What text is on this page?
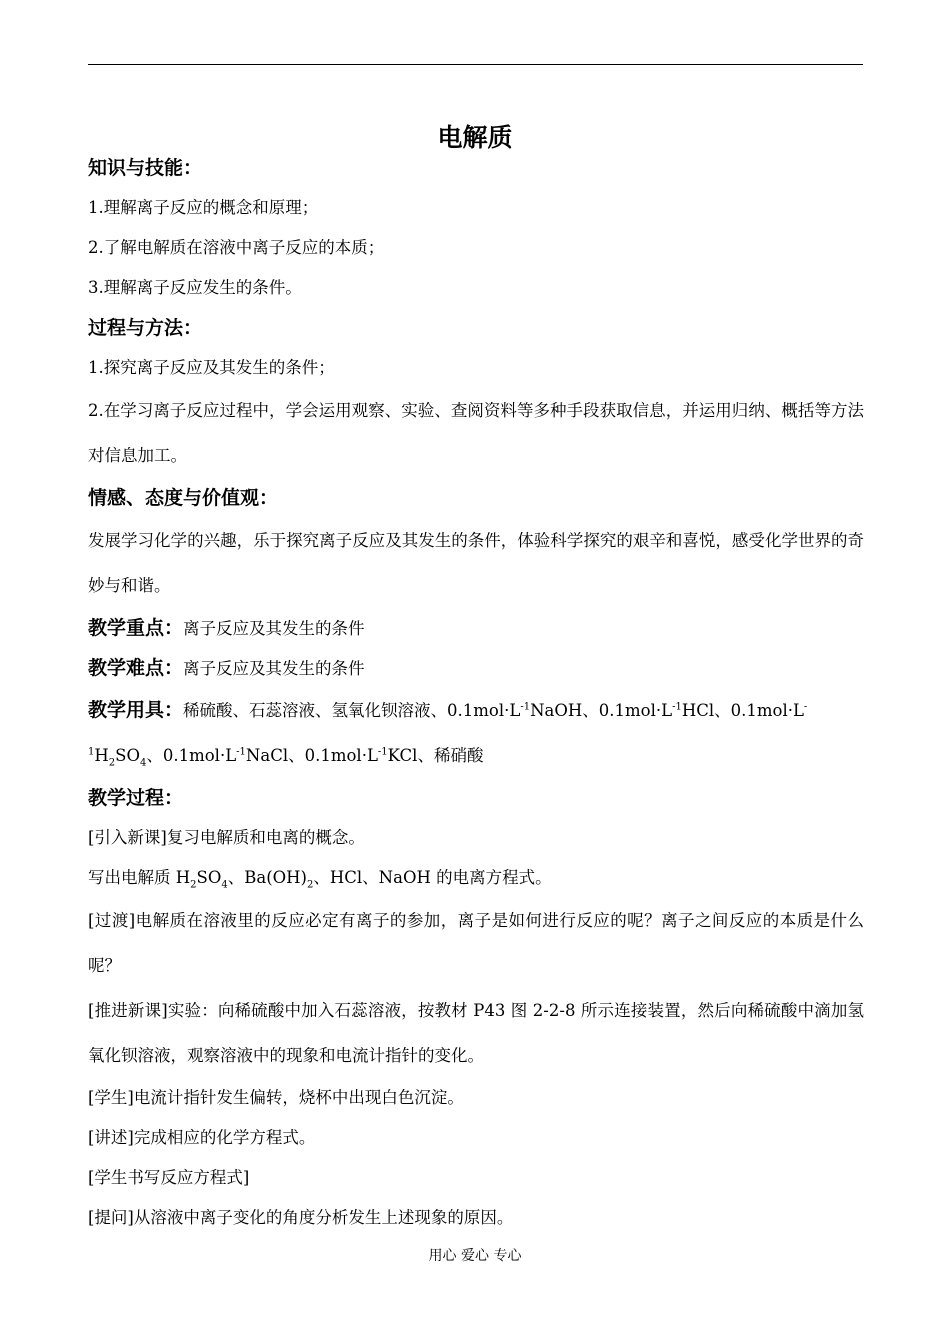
电解质
知识与技能：
1.理解离子反应的概念和原理；
2.了解电解质在溶液中离子反应的本质；
3.理解离子反应发生的条件。
过程与方法：
1.探究离子反应及其发生的条件；
2.在学习离子反应过程中，学会运用观察、实验、查阅资料等多种手段获取信息，并运用归纳、概括等方法对信息加工。
情感、态度与价值观：
发展学习化学的兴趣，乐于探究离子反应及其发生的条件，体验科学探究的艰辛和喜悦，感受化学世界的奇妙与和谐。
教学重点：离子反应及其发生的条件
教学难点：离子反应及其发生的条件
教学用具：稀硫酸、石蕊溶液、氢氧化钡溶液、$0.1mol\cdot L^{-1}NaOH$、$0.1mol\cdot L^{-1}HCl$、0.1mol·L-
$^1H_2SO_4$、$0.1mol\cdot L^{-1}NaCl$、$0.1mol\cdot L^{-1}KCl$、稀硝酸
教学过程：
[引入新课]复习电解质和电离的概念。
写出电解质 $H_2SO_4$、$Ba(OH)_2$、HCl、NaOH 的电离方程式。
[过渡]电解质在溶液里的反应必定有离子的参加，离子是如何进行反应的呢？离子之间反应的本质是什么呢？
[推进新课]实验：向稀硫酸中加入石蕊溶液，按教材 P43 图 2-2-8 所示连接装置，然后向稀硫酸中滴加氢氧化钡溶液，观察溶液中的现象和电流计指针的变化。
[学生]电流计指针发生偏转，烧杯中出现白色沉淀。
[讲述]完成相应的化学方程式。
[学生书写反应方程式]
[提问]从溶液中离子变化的角度分析发生上述现象的原因。
用心 爱心 专心
